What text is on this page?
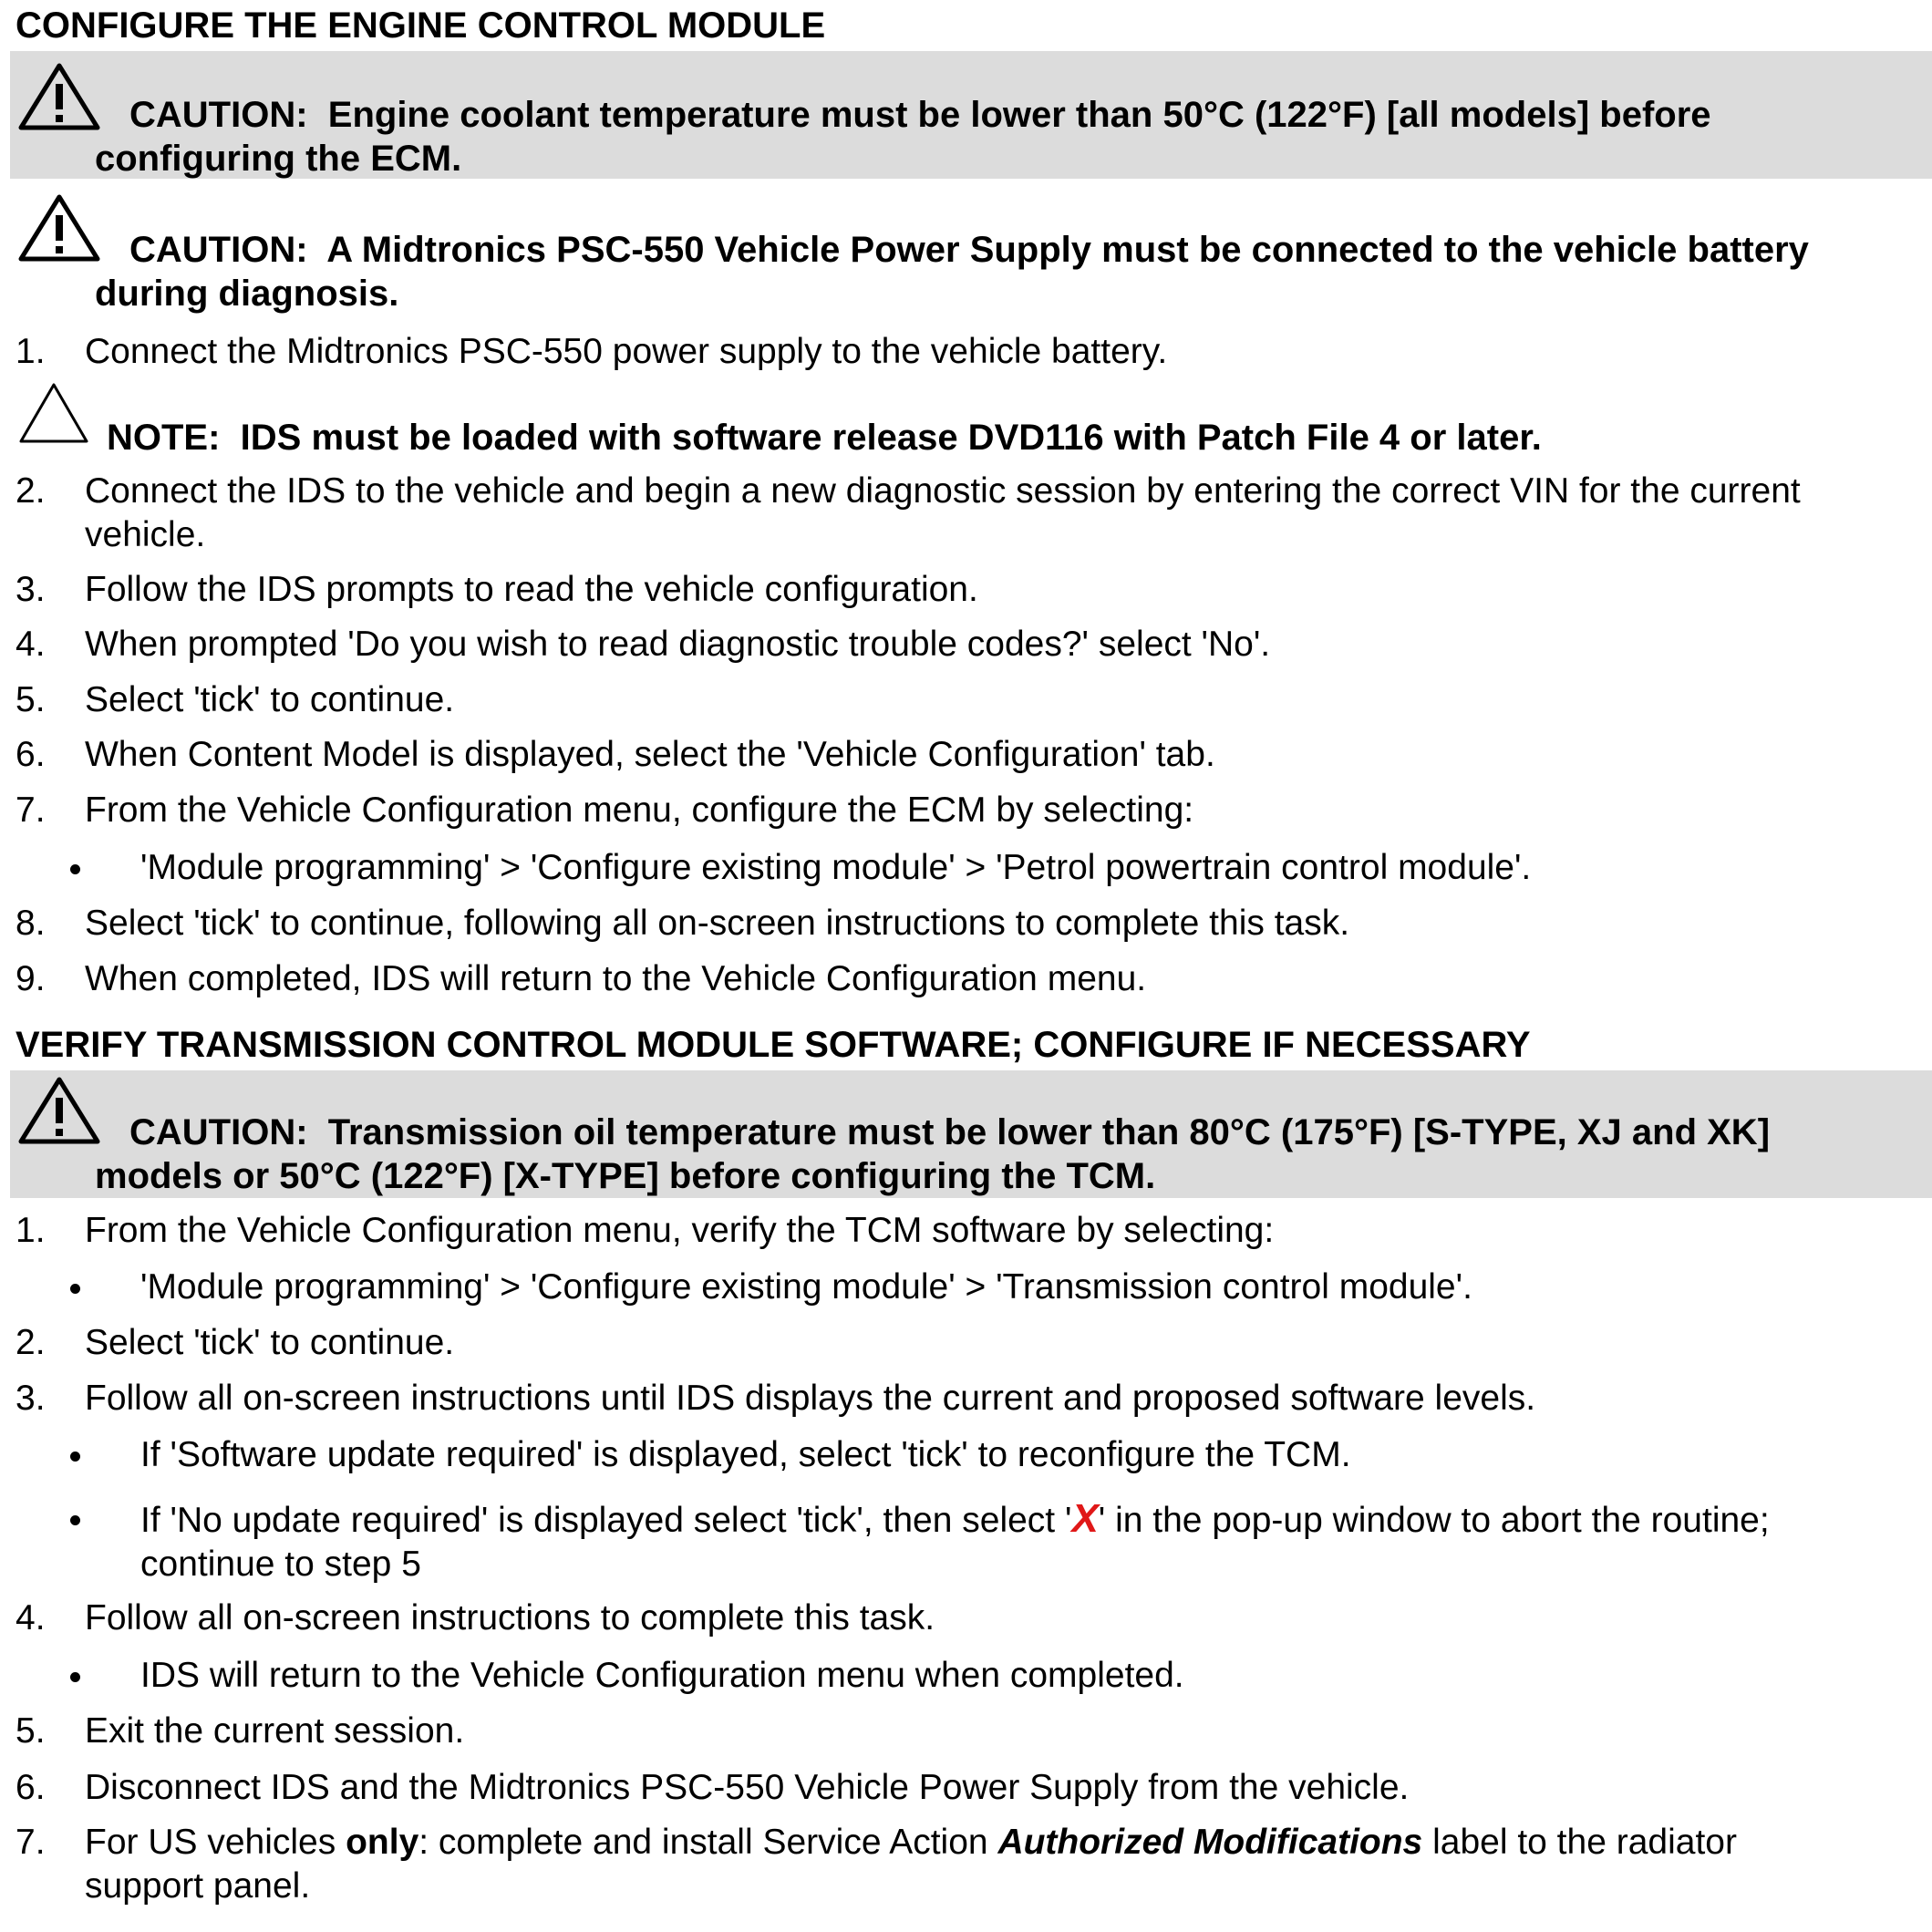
CONFIGURE THE ENGINE CONTROL MODULE
CAUTION: Engine coolant temperature must be lower than 50°C (122°F) [all models] before
configuring the ECM.
CAUTION: A Midtronics PSC-550 Vehicle Power Supply must be connected to the vehicle battery
during diagnosis.
1. Connect the Midtronics PSC-550 power supply to the vehicle battery.
NOTE: IDS must be loaded with software release DVD116 with Patch File 4 or later.
2. Connect the IDS to the vehicle and begin a new diagnostic session by entering the correct VIN for the current
vehicle.
3. Follow the IDS prompts to read the vehicle configuration.
4. When prompted 'Do you wish to read diagnostic trouble codes?' select 'No'.
5. Select 'tick' to continue.
6. When Content Model is displayed, select the 'Vehicle Configuration' tab.
7. From the Vehicle Configuration menu, configure the ECM by selecting:
'Module programming' > 'Configure existing module' > 'Petrol powertrain control module'.
8. Select 'tick' to continue, following all on-screen instructions to complete this task.
9. When completed, IDS will return to the Vehicle Configuration menu.
VERIFY TRANSMISSION CONTROL MODULE SOFTWARE; CONFIGURE IF NECESSARY
CAUTION: Transmission oil temperature must be lower than 80°C (175°F) [S-TYPE, XJ and XK]
models or 50°C (122°F) [X-TYPE] before configuring the TCM.
1. From the Vehicle Configuration menu, verify the TCM software by selecting:
'Module programming' > 'Configure existing module' > 'Transmission control module'.
2. Select 'tick' to continue.
3. Follow all on-screen instructions until IDS displays the current and proposed software levels.
If 'Software update required' is displayed, select 'tick' to reconfigure the TCM.
If 'No update required' is displayed select 'tick', then select 'X' in the pop-up window to abort the routine;
continue to step 5
4. Follow all on-screen instructions to complete this task.
IDS will return to the Vehicle Configuration menu when completed.
5. Exit the current session.
6. Disconnect IDS and the Midtronics PSC-550 Vehicle Power Supply from the vehicle.
7. For US vehicles only: complete and install Service Action Authorized Modifications label to the radiator
support panel.
